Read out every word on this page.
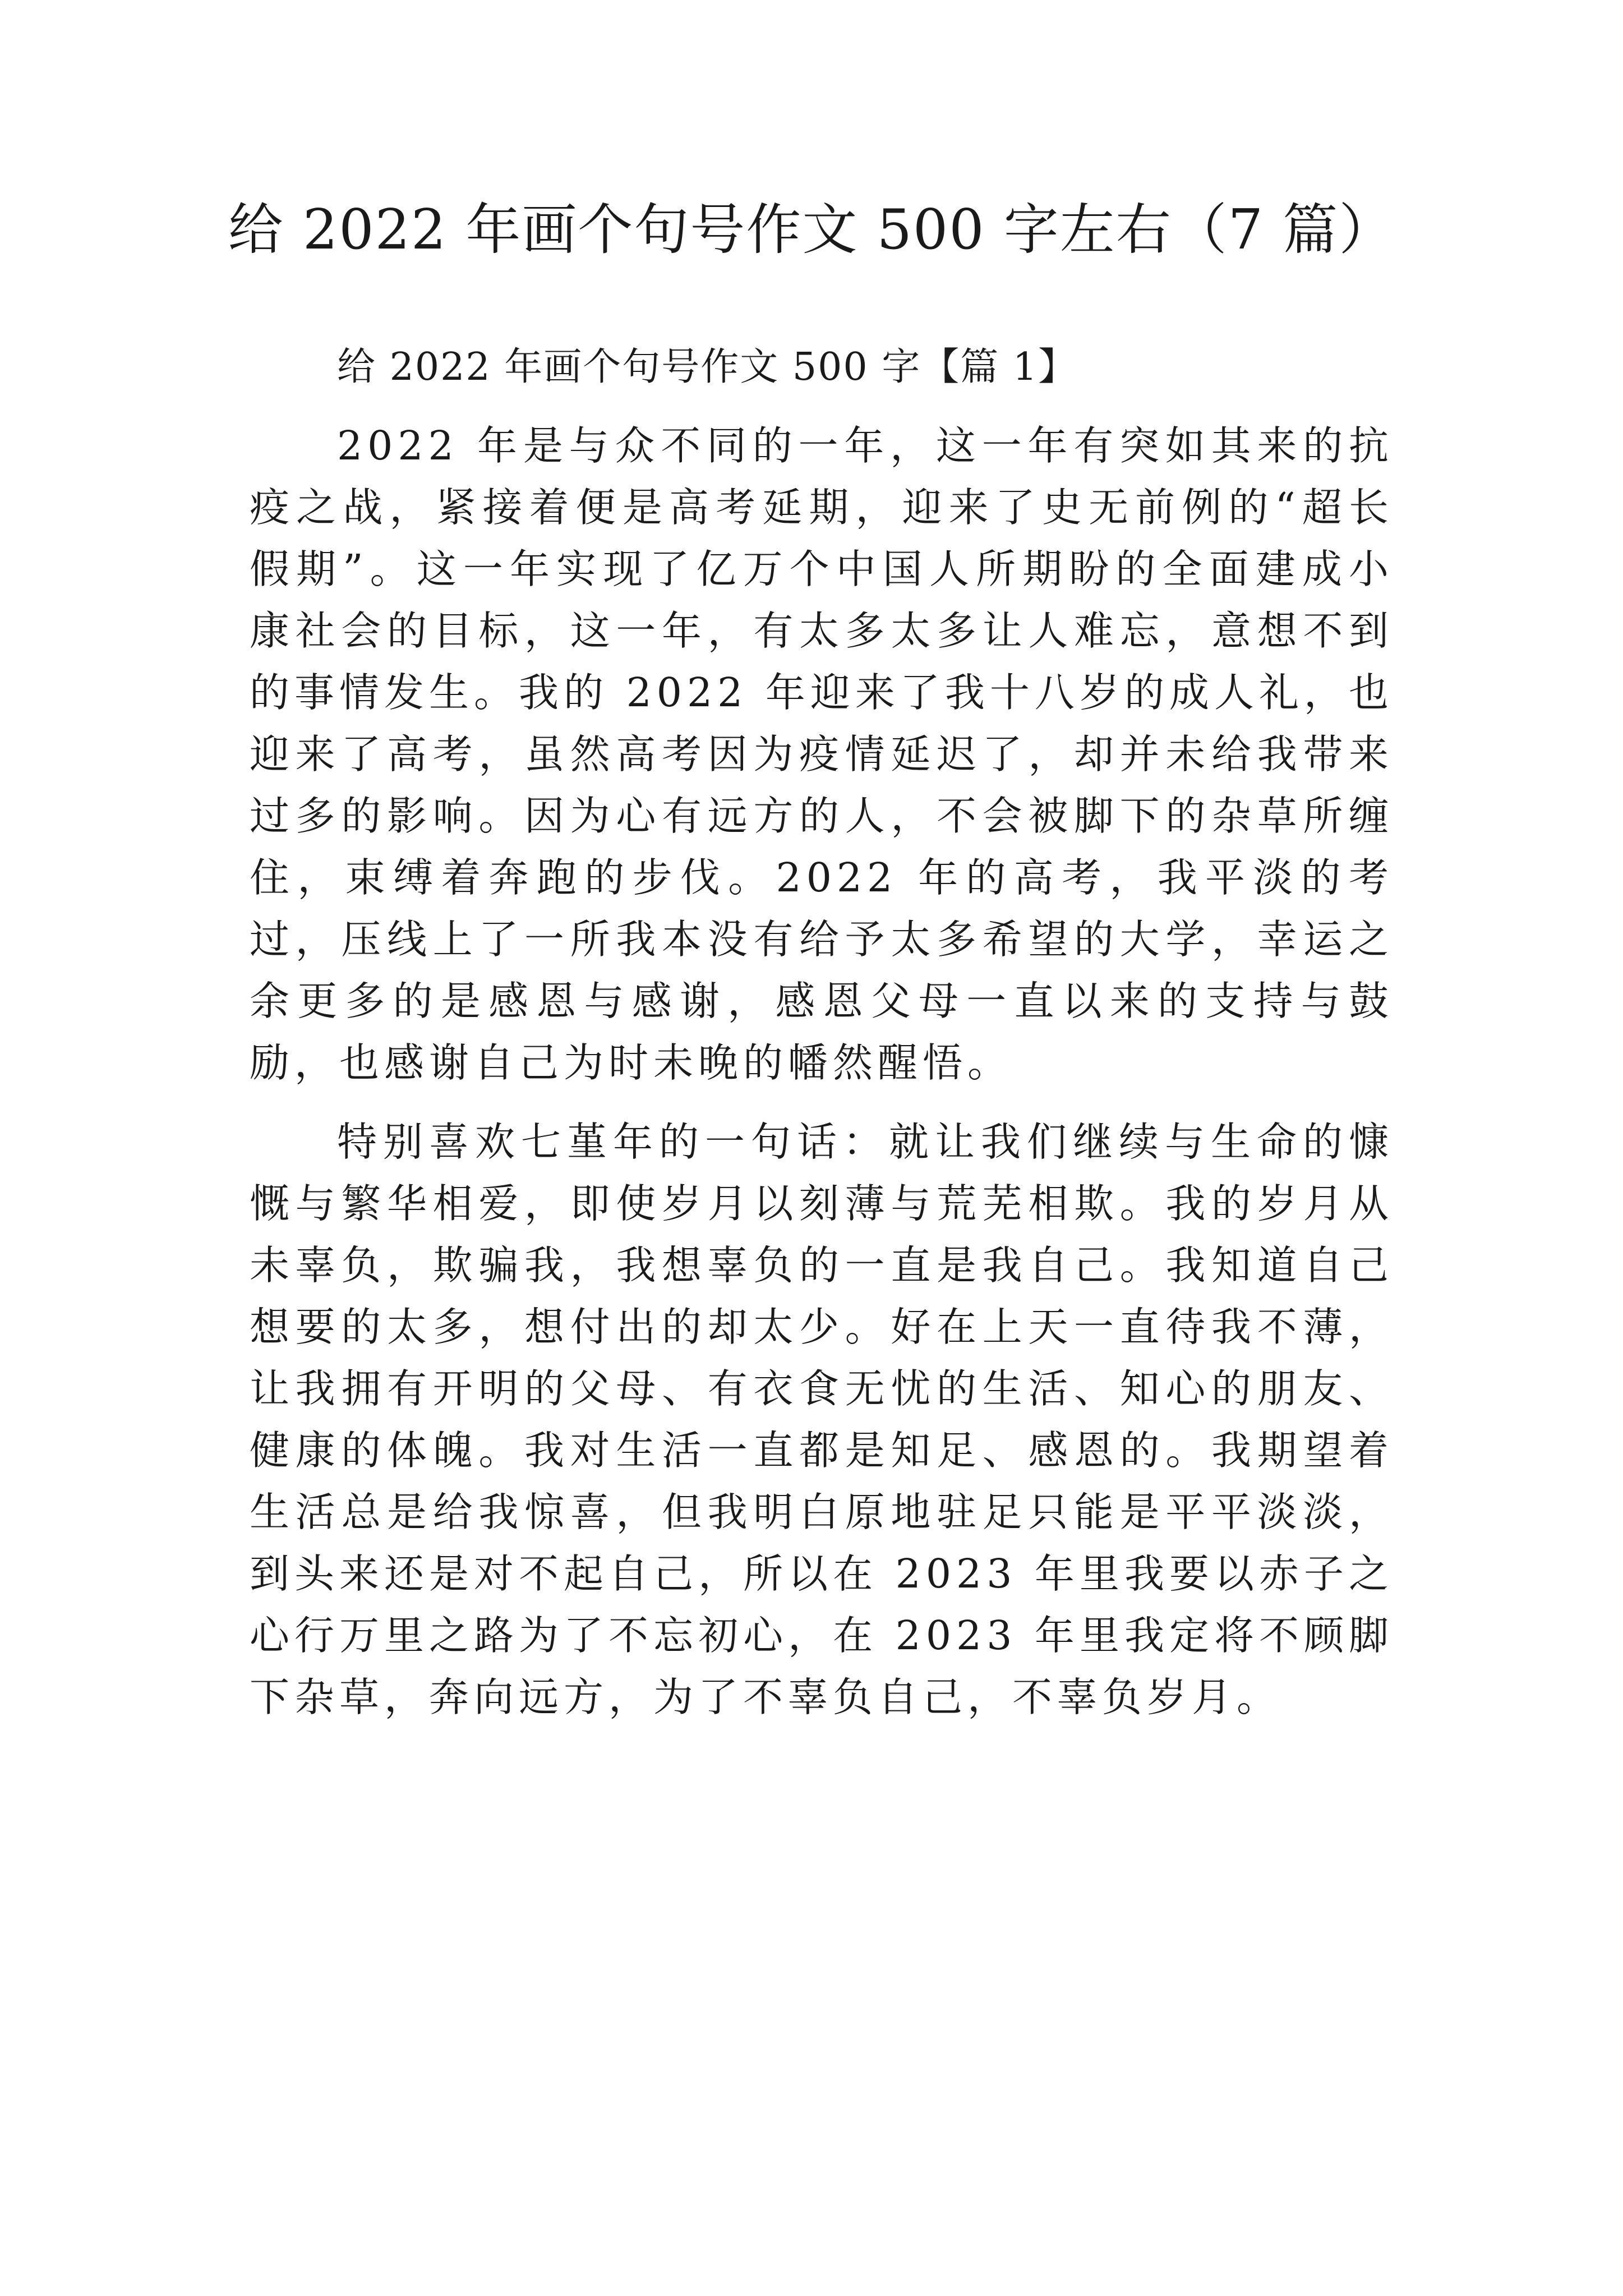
给 2022 年画个句号作文 500 字左右（7 篇）
给 2022 年画个句号作文 500 字【篇 1】

2022 年是与众不同的一年，这一年有突如其来的抗疫之战，紧接着便是高考延期，迎来了史无前例的“超长假期”。这一年实现了亿万个中国人所期盼的全面建成小康社会的目标，这一年，有太多太多让人难忘，意想不到的事情发生。我的 2022 年迎来了我十八岁的成人礼，也迎来了高考，虽然高考因为疫情延迟了，却并未给我带来过多的影响。因为心有远方的人，不会被脚下的杂草所缠住，束缚着奔跑的步伐。2022 年的高考，我平淡的考过，压线上了一所我本没有给予太多希望的大学，幸运之余更多的是感恩与感谢，感恩父母一直以来的支持与鼓励，也感谢自己为时未晚的幡然醒悟。

特别喜欢七堇年的一句话：就让我们继续与生命的慷慨与繁华相爱，即使岁月以刻薄与荒芜相欺。我的岁月从未辜负，欺骗我，我想辜负的一直是我自己。我知道自己想要的太多，想付出的却太少。好在上天一直待我不薄，让我拥有开明的父母、有衣食无忧的生活、知心的朋友、健康的体魄。我对生活一直都是知足、感恩的。我期望着生活总是给我惊喜，但我明白原地驻足只能是平平淡淡，到头来还是对不起自己，所以在 2023 年里我要以赤子之心行万里之路为了不忘初心，在 2023 年里我定将不顾脚下杂草，奔向远方，为了不辜负自己，不辜负岁月。
